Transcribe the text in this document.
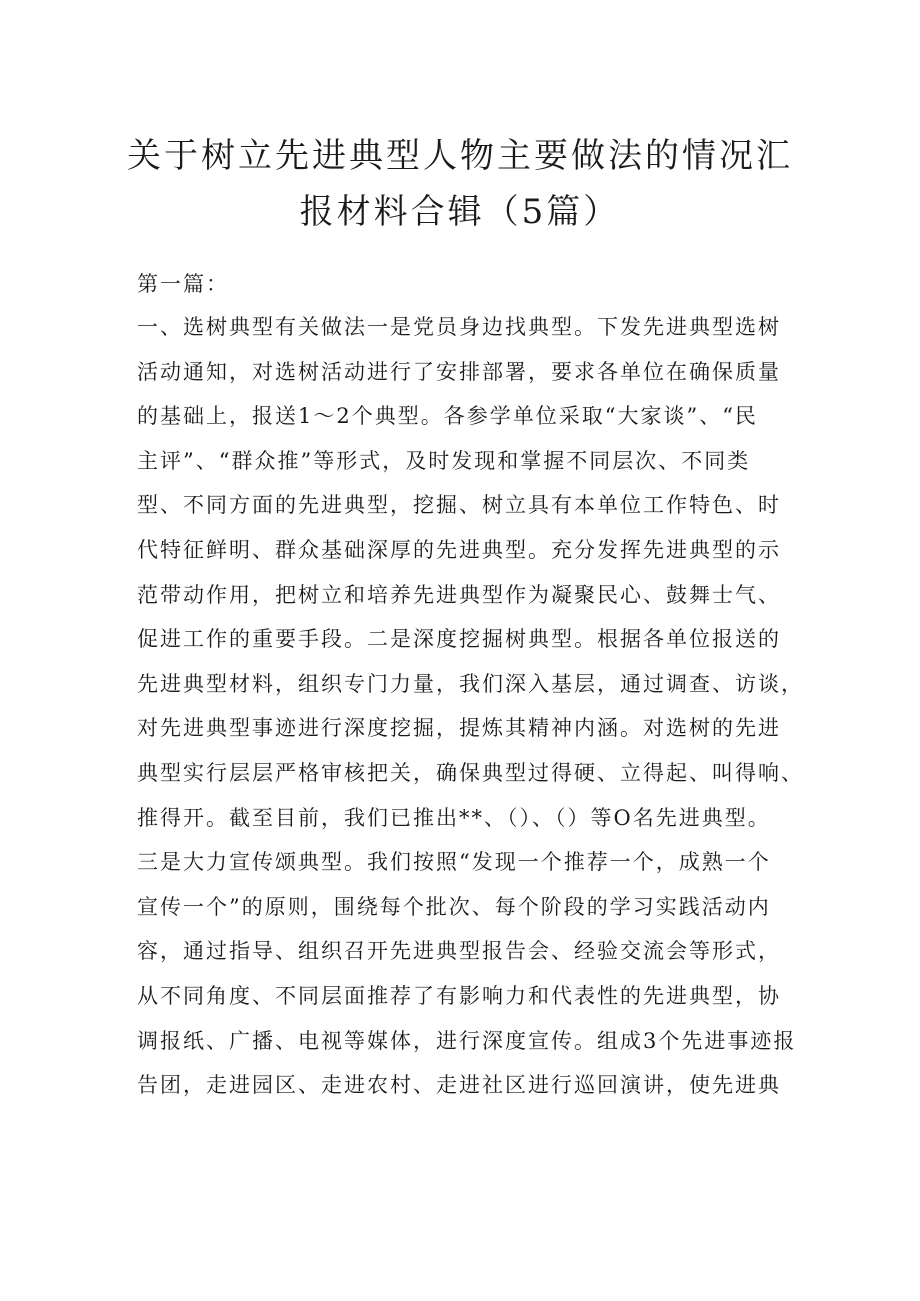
关于树立先进典型人物主要做法的情况汇
报材料合辑（5篇）
第一篇：
一、选树典型有关做法一是党员身边找典型。下发先进典型选树
活动通知，对选树活动进行了安排部署，要求各单位在确保质量
的基础上，报送1～2个典型。各参学单位采取“大家谈”、“民
主评”、“群众推”等形式，及时发现和掌握不同层次、不同类
型、不同方面的先进典型，挖掘、树立具有本单位工作特色、时
代特征鲜明、群众基础深厚的先进典型。充分发挥先进典型的示
范带动作用，把树立和培养先进典型作为凝聚民心、鼓舞士气、
促进工作的重要手段。二是深度挖掘树典型。根据各单位报送的
先进典型材料，组织专门力量，我们深入基层，通过调查、访谈，
对先进典型事迹进行深度挖掘，提炼其精神内涵。对选树的先进
典型实行层层严格审核把关，确保典型过得硬、立得起、叫得响、
推得开。截至目前，我们已推出**、（）、（）等O名先进典型。
三是大力宣传颂典型。我们按照“发现一个推荐一个，成熟一个
宣传一个”的原则，围绕每个批次、每个阶段的学习实践活动内
容，通过指导、组织召开先进典型报告会、经验交流会等形式，
从不同角度、不同层面推荐了有影响力和代表性的先进典型，协
调报纸、广播、电视等媒体，进行深度宣传。组成3个先进事迹报
告团，走进园区、走进农村、走进社区进行巡回演讲，使先进典
